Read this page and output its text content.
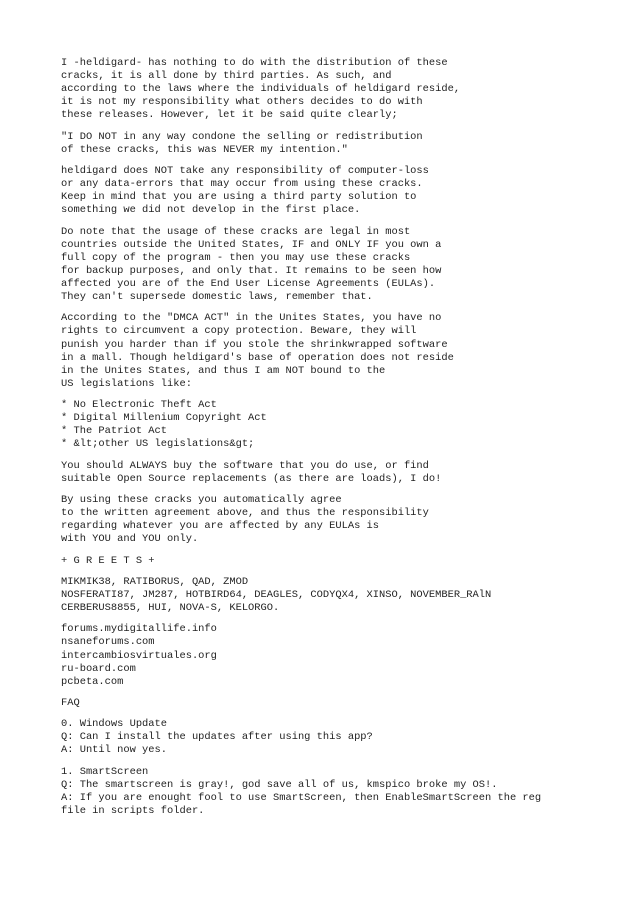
I -heldigard- has nothing to do with the distribution of these
cracks, it is all done by third parties. As such, and
according to the laws where the individuals of heldigard reside,
it is not my responsibility what others decides to do with
these releases. However, let it be said quite clearly;
"I DO NOT in any way condone the selling or redistribution
of these cracks, this was NEVER my intention."
heldigard does NOT take any responsibility of computer-loss
or any data-errors that may occur from using these cracks.
Keep in mind that you are using a third party solution to
something we did not develop in the first place.
Do note that the usage of these cracks are legal in most
countries outside the United States, IF and ONLY IF you own a
full copy of the program - then you may use these cracks
for backup purposes, and only that. It remains to be seen how
affected you are of the End User License Agreements (EULAs).
They can't supersede domestic laws, remember that.
According to the "DMCA ACT" in the Unites States, you have no
rights to circumvent a copy protection. Beware, they will
punish you harder than if you stole the shrinkwrapped software
in a mall. Though heldigard's base of operation does not reside
in the Unites States, and thus I am NOT bound to the
US legislations like:
* No Electronic Theft Act
* Digital Millenium Copyright Act
* The Patriot Act
* &lt;other US legislations&gt;
You should ALWAYS buy the software that you do use, or find
suitable Open Source replacements (as there are loads), I do!
By using these cracks you automatically agree
to the written agreement above, and thus the responsibility
regarding whatever you are affected by any EULAs is
with YOU and YOU only.
+ G R E E T S +
MIKMIK38, RATIBORUS, QAD, ZMOD
NOSFERATI87, JM287, HOTBIRD64, DEAGLES, CODYQX4, XINSO, NOVEMBER_RAlN
CERBERUS8855, HUI, NOVA-S, KELORGO.
forums.mydigitallife.info
nsaneforums.com
intercambiosvirtuales.org
ru-board.com
pcbeta.com
FAQ
0. Windows Update
Q: Can I install the updates after using this app?
A: Until now yes.
1. SmartScreen
Q: The smartscreen is gray!, god save all of us, kmspico broke my OS!.
A: If you are enought fool to use SmartScreen, then EnableSmartScreen the reg
file in scripts folder.
